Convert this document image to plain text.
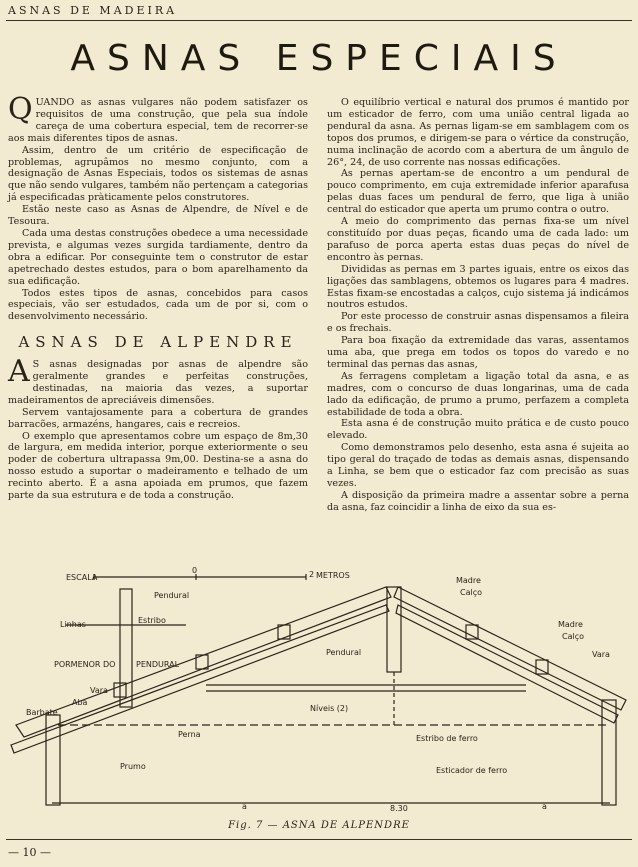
ASNAS DE MADEIRA
ASNAS ESPECIAIS

QUANDO as asnas vulgares não podem satisfazer os requisitos de uma construção, que pela sua índole careça de uma cobertura especial, tem de recorrer-se aos mais diferentes tipos de asnas.

Assim, dentro de um critério de especificação de problemas, agrupâmos no mesmo conjunto, com a designação de Asnas Especiais, todos os sistemas de asnas que não sendo vulgares, também não pertençam a categorias já especificadas pràticamente pelos construtores.

Estão neste caso as Asnas de Alpendre, de Nível e de Tesoura.

Cada uma destas construções obedece a uma necessidade prevista, e algumas vezes surgida tardiamente, dentro da obra a edificar. Por conseguinte tem o construtor de estar apetrechado destes estudos, para o bom aparelhamento da sua edificação.

Todos estes tipos de asnas, concebidos para casos especiais, vão ser estudados, cada um de por si, com o desenvolvimento necessário.

ASNAS DE ALPENDRE

A S asnas designadas por asnas de alpendre são geralmente grandes e perfeitas construções, destinadas, na maioria das vezes, a suportar madeiramentos de apreciáveis dimensões.

Servem vantajosamente para a cobertura de grandes barracões, armazéns, hangares, cais e recreios.

O exemplo que apresentamos cobre um espaço de 8m,30 de largura, em medida interior, porque exteriormente o seu poder de cobertura ultrapassa 9m,00. Destina-se a asna do nosso estudo a suportar o madeiramento e telhado de um recinto aberto. É a asna apoiada em prumos, que fazem parte da sua estrutura e de toda a construção.

O equilíbrio vertical e natural dos prumos é mantido por um esticador de ferro, com uma união central ligada ao pendural da asna. As pernas ligam-se em samblagem com os topos dos prumos, e dirigem-se para o vértice da construção, numa inclinação de acordo com a abertura de um ângulo de 26°, 24, de uso corrente nas nossas edificações.

As pernas apertam-se de encontro a um pendural de pouco comprimento, em cuja extremidade inferior aparafusa pelas duas faces um pendural de ferro, que liga à união central do esticador que aperta um prumo contra o outro.

A meio do comprimento das pernas fixa-se um nível constituído por duas peças, ficando uma de cada lado: um parafuso de porca aperta estas duas peças do nível de encontro às pernas.

Divididas as pernas em 3 partes iguais, entre os eixos das ligações das samblagens, obtemos os lugares para 4 madres. Estas fixam-se encostadas a calços, cujo sistema já indicámos noutros estudos.

Por este processo de construir asnas dispensamos a fileira e os frechais.

Para boa fixação da extremidade das varas, assentamos uma aba, que prega em todos os topos do varedo e no terminal das pernas das asnas,

As ferragens completam a ligação total da asna, e as madres, com o concurso de duas longarinas, uma de cada lado da edificação, de prumo a prumo, perfazem a completa estabilidade de toda a obra.

Esta asna é de construção muito prática e de custo pouco elevado.

Como demonstramos pelo desenho, esta asna é sujeita ao tipo geral do traçado de todas as demais asnas, dispensando a Linha, se bem que o esticador faz com precisão as suas vezes.

A disposição da primeira madre a assentar sobre a perna da asna, faz coincidir a linha de eixo da sua es-

ESCALA
0	2 METROS
Pendural
Estribo
Linhas
PORMENOR DO	PENDURAL
Vara
Aba
Barbate
Perna
Prumo
Níveis (2)
Estribo de ferro
Esticador de ferro
Madre
Calço
Madre
Calço
Vara
Pendural
a	8.30	a
Fig. 7 — ASNA DE ALPENDRE
— 10 —
